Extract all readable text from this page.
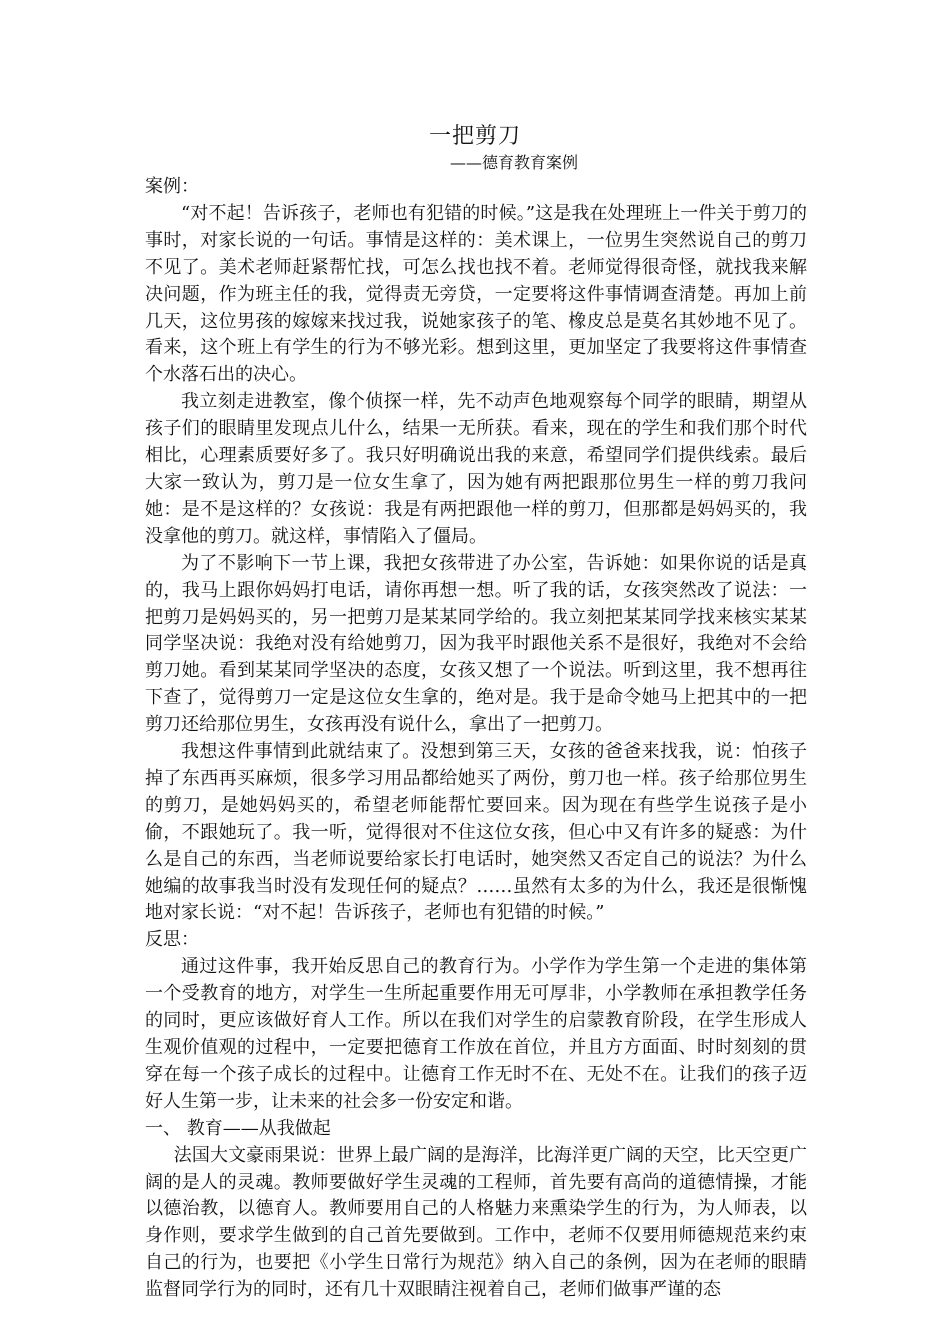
一把剪刀
——德育教育案例

案例：

“对不起！告诉孩子，老师也有犯错的时候。”这是我在处理班上一件关于剪刀的事时，对家长说的一句话。事情是这样的：美术课上，一位男生突然说自己的剪刀不见了。美术老师赶紧帮忙找，可怎么找也找不着。老师觉得很奇怪，就找我来解决问题，作为班主任的我，觉得责无旁贷，一定要将这件事情调查清楚。再加上前几天，这位男孩的嫁嫁来找过我，说她家孩子的笔、橡皮总是莫名其妙地不见了。看来，这个班上有学生的行为不够光彩。想到这里，更加坚定了我要将这件事情查个水落石出的决心。

我立刻走进教室，像个侦探一样，先不动声色地观察每个同学的眼睛，期望从孩子们的眼睛里发现点儿什么，结果一无所获。看来，现在的学生和我们那个时代相比，心理素质要好多了。我只好明确说出我的来意，希望同学们提供线索。最后大家一致认为，剪刀是一位女生拿了，因为她有两把跟那位男生一样的剪刀我问她：是不是这样的？女孩说：我是有两把跟他一样的剪刀，但那都是妈妈买的，我没拿他的剪刀。就这样，事情陷入了僵局。

为了不影响下一节上课，我把女孩带进了办公室，告诉她：如果你说的话是真的，我马上跟你妈妈打电话，请你再想一想。听了我的话，女孩突然改了说法：一把剪刀是妈妈买的，另一把剪刀是某某同学给的。我立刻把某某同学找来核实某某同学坚决说：我绝对没有给她剪刀，因为我平时跟他关系不是很好，我绝对不会给剪刀她。看到某某同学坚决的态度，女孩又想了一个说法。听到这里，我不想再往下查了，觉得剪刀一定是这位女生拿的，绝对是。我于是命令她马上把其中的一把剪刀还给那位男生，女孩再没有说什么，拿出了一把剪刀。

我想这件事情到此就结束了。没想到第三天，女孩的爸爸来找我，说：怕孩子掉了东西再买麻烦，很多学习用品都给她买了两份，剪刀也一样。孩子给那位男生的剪刀，是她妈妈买的，希望老师能帮忙要回来。因为现在有些学生说孩子是小偷，不跟她玩了。我一听，觉得很对不住这位女孩，但心中又有许多的疑惑：为什么是自己的东西，当老师说要给家长打电话时，她突然又否定自己的说法？为什么她编的故事我当时没有发现任何的疑点？……虽然有太多的为什么，我还是很惭愧地对家长说：“对不起！告诉孩子，老师也有犯错的时候。”

反思：

通过这件事，我开始反思自己的教育行为。小学作为学生第一个走进的集体第一个受教育的地方，对学生一生所起重要作用无可厚非，小学教师在承担教学任务的同时，更应该做好育人工作。所以在我们对学生的启蒙教育阶段，在学生形成人生观价值观的过程中，一定要把德育工作放在首位，并且方方面面、时时刻刻的贯穿在每一个孩子成长的过程中。让德育工作无时不在、无处不在。让我们的孩子迈好人生第一步，让未来的社会多一份安定和谐。

一、 教育——从我做起

法国大文豪雨果说：世界上最广阔的是海洋，比海洋更广阔的天空，比天空更广阔的是人的灵魂。教师要做好学生灵魂的工程师，首先要有高尚的道德情操，才能以德治教，以德育人。教师要用自己的人格魅力来熏染学生的行为，为人师表，以身作则，要求学生做到的自己首先要做到。工作中，老师不仅要用师德规范来约束自己的行为，也要把《小学生日常行为规范》纳入自己的条例，因为在老师的眼睛监督同学行为的同时，还有几十双眼睛注视着自己，老师们做事严谨的态
